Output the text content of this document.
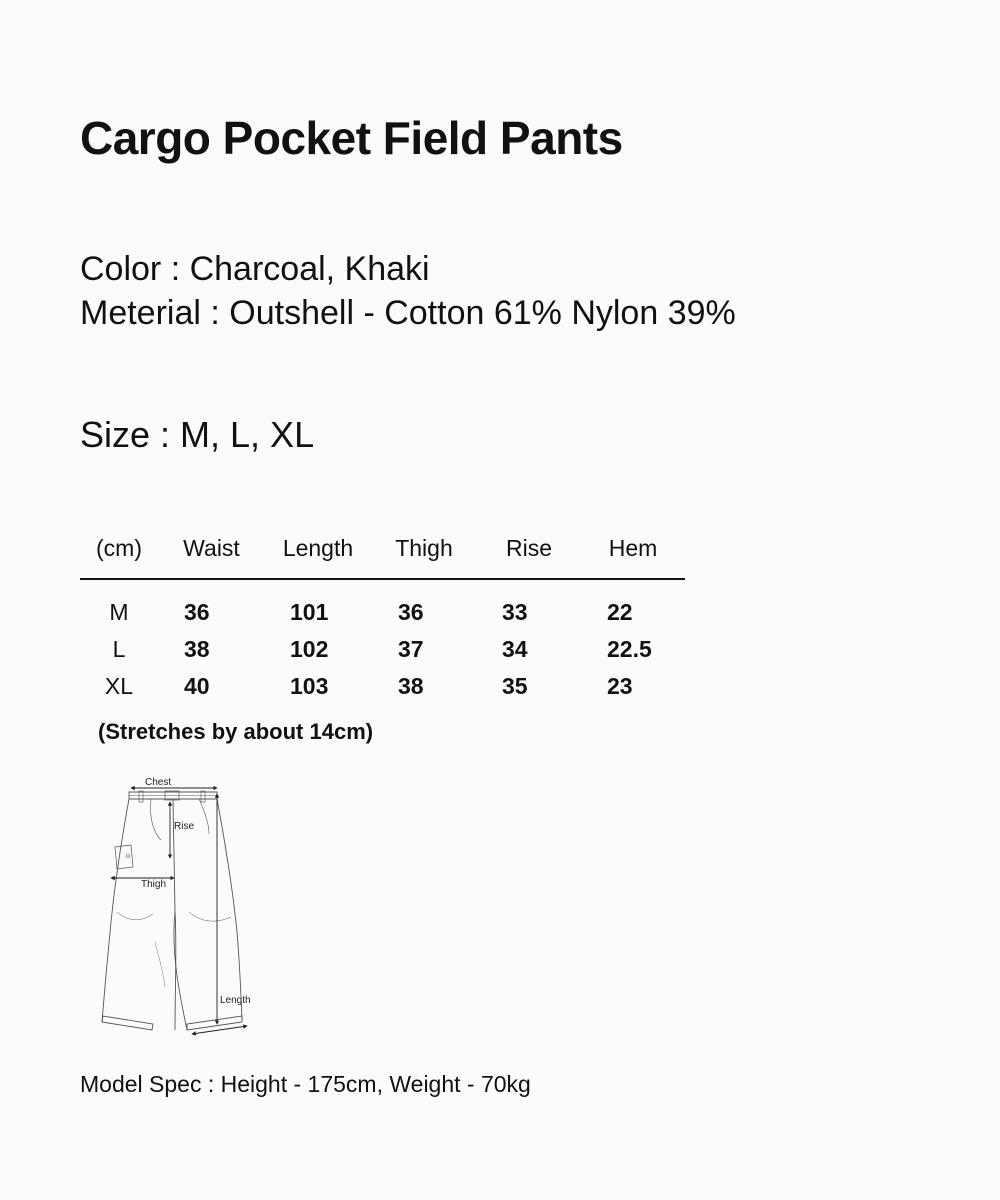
Cargo Pocket Field Pants

Color : Charcoal, Khaki

Meterial : Outshell - Cotton 61% Nylon 39%

Size : M, L, XL

(cm)	Waist	Length	Thigh	Rise	Hem

M	36	101	36	33	22
L	38	102	37	34	22.5
XL	40	103	38	35	23

(Stretches by about 14cm)

Chest
Rise
Thigh
Length

Model Spec : Height - 175cm, Weight - 70kg
